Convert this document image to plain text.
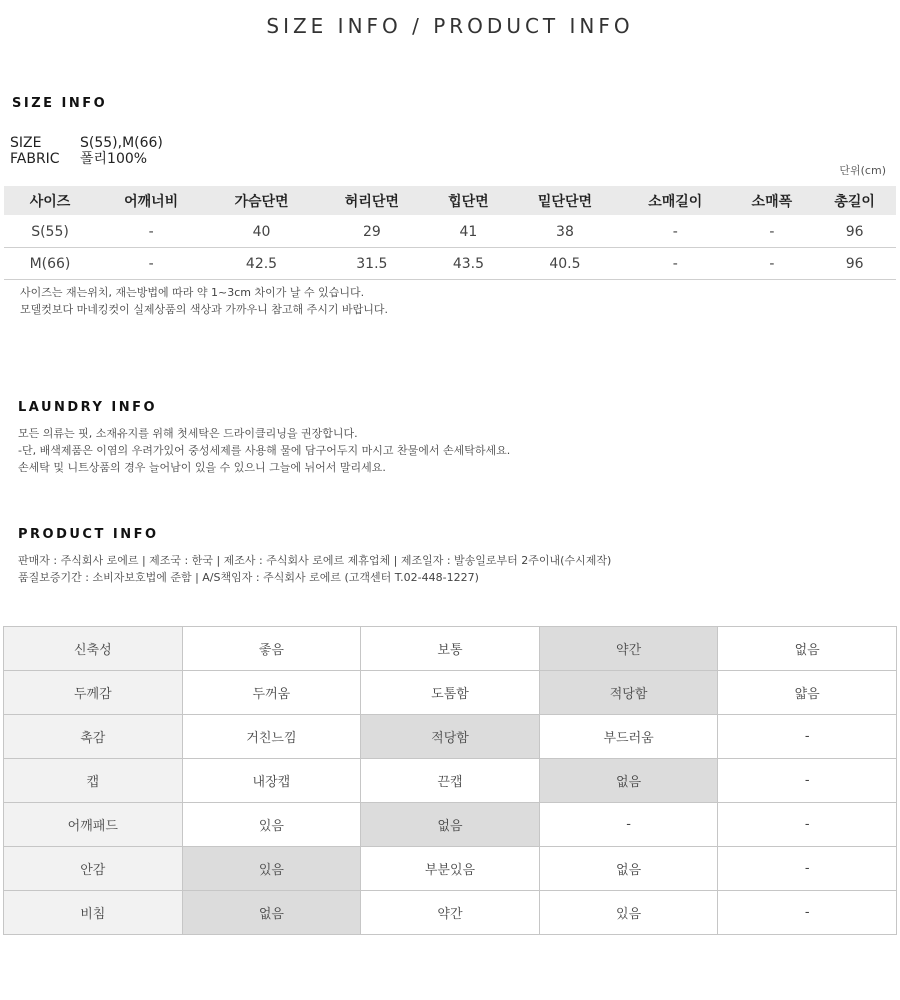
SIZE INFO / PRODUCT INFO
SIZE INFO
SIZE	S(55),M(66)
FABRIC 폴리100%
단위(cm)
사이즈	어깨너비	가슴단면	허리단면	힙단면	밑단단면	소매길이	소매폭	총길이
S(55)	-	40	29	41	38	-	-	96
M(66)	-	42.5	31.5	43.5	40.5	-	-	96
사이즈는 재는위치, 재는방법에 따라 약 1~3cm 차이가 날 수 있습니다.
모델컷보다 마네킹컷이 실제상품의 색상과 가까우니 참고해 주시기 바랍니다.
LAUNDRY INFO
모든 의류는 핏, 소재유지를 위해 첫세탁은 드라이클리닝을 권장합니다.
-단, 배색제품은 이염의 우려가있어 중성세제를 사용해 물에 담구어두지 마시고 찬물에서 손세탁하세요.
손세탁 및 니트상품의 경우 늘어남이 있을 수 있으니 그늘에 뉘어서 말리세요.
PRODUCT INFO
판매자 : 주식회사 로에르 | 제조국 : 한국 | 제조사 : 주식회사 로에르 제휴업체 | 제조일자 : 발송일로부터 2주이내(수시제작)
품질보증기간 : 소비자보호법에 준함 | A/S책임자 : 주식회사 로에르 (고객센터 T.02-448-1227)
신축성	좋음	보통	약간	없음
두께감	두꺼움	도톰함	적당함	얇음
촉감	거친느낌	적당함	부드러움	-
캡	내장캡	끈캡	없음	-
어깨패드	있음	없음	-	-
안감	있음	부분있음	없음	-
비침	없음	약간	있음	-
